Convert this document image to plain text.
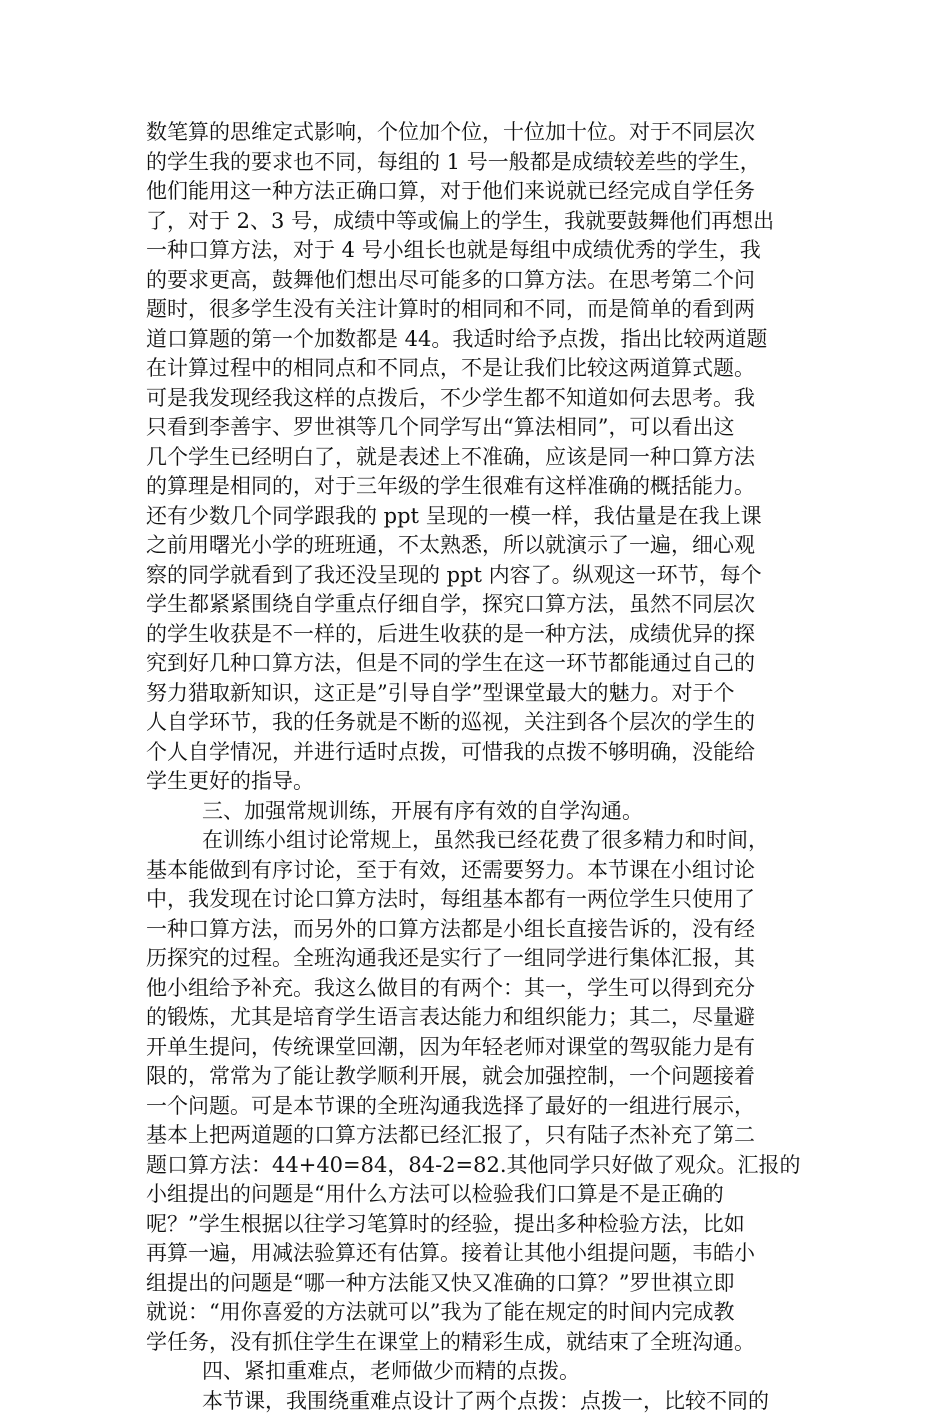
数笔算的思维定式影响，个位加个位，十位加十位。对于不同层次
的学生我的要求也不同，每组的 1 号一般都是成绩较差些的学生，
他们能用这一种方法正确口算，对于他们来说就已经完成自学任务
了，对于 2、3 号，成绩中等或偏上的学生，我就要鼓舞他们再想出
一种口算方法，对于 4 号小组长也就是每组中成绩优秀的学生，我
的要求更高，鼓舞他们想出尽可能多的口算方法。在思考第二个问
题时，很多学生没有关注计算时的相同和不同，而是简单的看到两
道口算题的第一个加数都是 44。我适时给予点拨，指出比较两道题
在计算过程中的相同点和不同点，不是让我们比较这两道算式题。
可是我发现经我这样的点拨后，不少学生都不知道如何去思考。我
只看到李善宇、罗世祺等几个同学写出“算法相同”，可以看出这
几个学生已经明白了，就是表述上不准确，应该是同一种口算方法
的算理是相同的，对于三年级的学生很难有这样准确的概括能力。
还有少数几个同学跟我的 ppt 呈现的一模一样，我估量是在我上课
之前用曙光小学的班班通，不太熟悉，所以就演示了一遍，细心观
察的同学就看到了我还没呈现的 ppt 内容了。纵观这一环节，每个
学生都紧紧围绕自学重点仔细自学，探究口算方法，虽然不同层次
的学生收获是不一样的，后进生收获的是一种方法，成绩优异的探
究到好几种口算方法，但是不同的学生在这一环节都能通过自己的
努力猎取新知识，这正是”引导自学”型课堂最大的魅力。对于个
人自学环节，我的任务就是不断的巡视，关注到各个层次的学生的
个人自学情况，并进行适时点拨，可惜我的点拨不够明确，没能给
学生更好的指导。
三、加强常规训练，开展有序有效的自学沟通。
在训练小组讨论常规上，虽然我已经花费了很多精力和时间，
基本能做到有序讨论，至于有效，还需要努力。本节课在小组讨论
中，我发现在讨论口算方法时，每组基本都有一两位学生只使用了
一种口算方法，而另外的口算方法都是小组长直接告诉的，没有经
历探究的过程。全班沟通我还是实行了一组同学进行集体汇报，其
他小组给予补充。我这么做目的有两个：其一，学生可以得到充分
的锻炼，尤其是培育学生语言表达能力和组织能力；其二，尽量避
开单生提问，传统课堂回潮，因为年轻老师对课堂的驾驭能力是有
限的，常常为了能让教学顺利开展，就会加强控制，一个问题接着
一个问题。可是本节课的全班沟通我选择了最好的一组进行展示，
基本上把两道题的口算方法都已经汇报了，只有陆子杰补充了第二
题口算方法：44+40=84，84-2=82.其他同学只好做了观众。汇报的
小组提出的问题是“用什么方法可以检验我们口算是不是正确的
呢？”学生根据以往学习笔算时的经验，提出多种检验方法，比如
再算一遍，用减法验算还有估算。接着让其他小组提问题，韦皓小
组提出的问题是“哪一种方法能又快又准确的口算？”罗世祺立即
就说：“用你喜爱的方法就可以”我为了能在规定的时间内完成教
学任务，没有抓住学生在课堂上的精彩生成，就结束了全班沟通。
四、紧扣重难点，老师做少而精的点拨。
本节课，我围绕重难点设计了两个点拨：点拨一，比较不同的
